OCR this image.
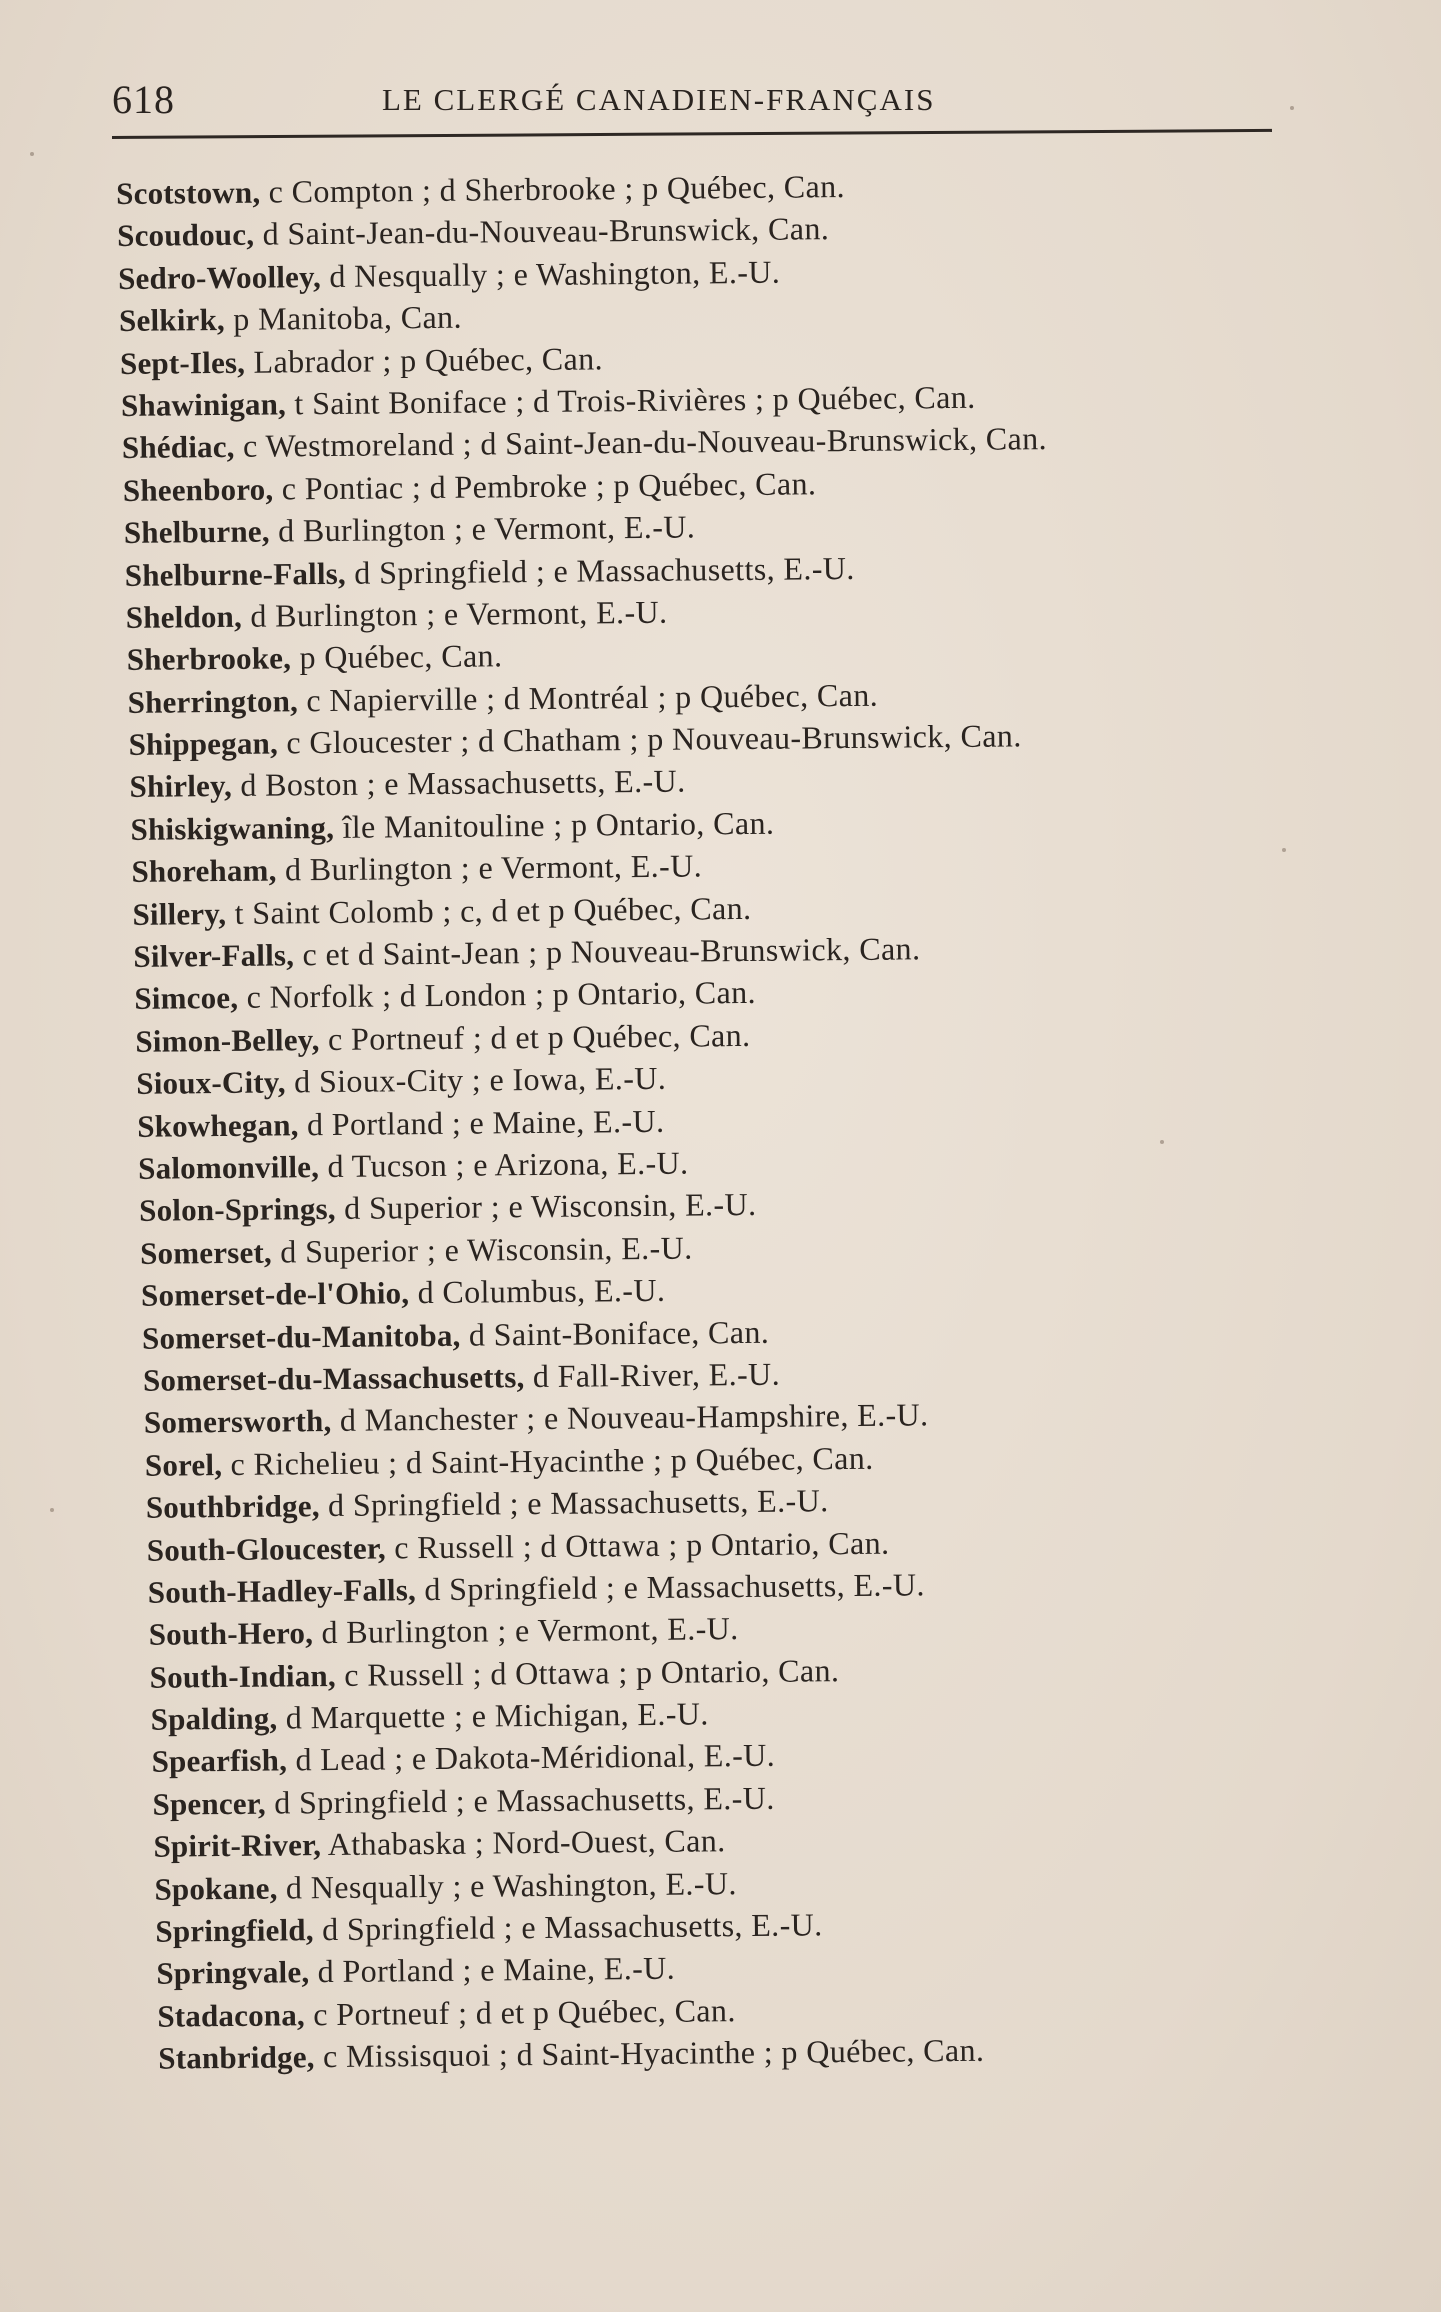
618	LE CLERGÉ CANADIEN-FRANÇAIS
Scotstown, c Compton ; d Sherbrooke ; p Québec, Can.
Scoudouc, d Saint-Jean-du-Nouveau-Brunswick, Can.
Sedro-Woolley, d Nesqually ; e Washington, E.-U.
Selkirk, p Manitoba, Can.
Sept-Iles, Labrador ; p Québec, Can.
Shawinigan, t Saint Boniface ; d Trois-Rivières ; p Québec, Can.
Shédiac, c Westmoreland ; d Saint-Jean-du-Nouveau-Brunswick, Can.
Sheenboro, c Pontiac ; d Pembroke ; p Québec, Can.
Shelburne, d Burlington ; e Vermont, E.-U.
Shelburne-Falls, d Springfield ; e Massachusetts, E.-U.
Sheldon, d Burlington ; e Vermont, E.-U.
Sherbrooke, p Québec, Can.
Sherrington, c Napierville ; d Montréal ; p Québec, Can.
Shippegan, c Gloucester ; d Chatham ; p Nouveau-Brunswick, Can.
Shirley, d Boston ; e Massachusetts, E.-U.
Shiskigwaning, île Manitouline ; p Ontario, Can.
Shoreham, d Burlington ; e Vermont, E.-U.
Sillery, t Saint Colomb ; c, d et p Québec, Can.
Silver-Falls, c et d Saint-Jean ; p Nouveau-Brunswick, Can.
Simcoe, c Norfolk ; d London ; p Ontario, Can.
Simon-Belley, c Portneuf ; d et p Québec, Can.
Sioux-City, d Sioux-City ; e Iowa, E.-U.
Skowhegan, d Portland ; e Maine, E.-U.
Salomonville, d Tucson ; e Arizona, E.-U.
Solon-Springs, d Superior ; e Wisconsin, E.-U.
Somerset, d Superior ; e Wisconsin, E.-U.
Somerset-de-l'Ohio, d Columbus, E.-U.
Somerset-du-Manitoba, d Saint-Boniface, Can.
Somerset-du-Massachusetts, d Fall-River, E.-U.
Somersworth, d Manchester ; e Nouveau-Hampshire, E.-U.
Sorel, c Richelieu ; d Saint-Hyacinthe ; p Québec, Can.
Southbridge, d Springfield ; e Massachusetts, E.-U.
South-Gloucester, c Russell ; d Ottawa ; p Ontario, Can.
South-Hadley-Falls, d Springfield ; e Massachusetts, E.-U.
South-Hero, d Burlington ; e Vermont, E.-U.
South-Indian, c Russell ; d Ottawa ; p Ontario, Can.
Spalding, d Marquette ; e Michigan, E.-U.
Spearfish, d Lead ; e Dakota-Méridional, E.-U.
Spencer, d Springfield ; e Massachusetts, E.-U.
Spirit-River, Athabaska ; Nord-Ouest, Can.
Spokane, d Nesqually ; e Washington, E.-U.
Springfield, d Springfield ; e Massachusetts, E.-U.
Springvale, d Portland ; e Maine, E.-U.
Stadacona, c Portneuf ; d et p Québec, Can.
Stanbridge, c Missisquoi ; d Saint-Hyacinthe ; p Québec, Can.
